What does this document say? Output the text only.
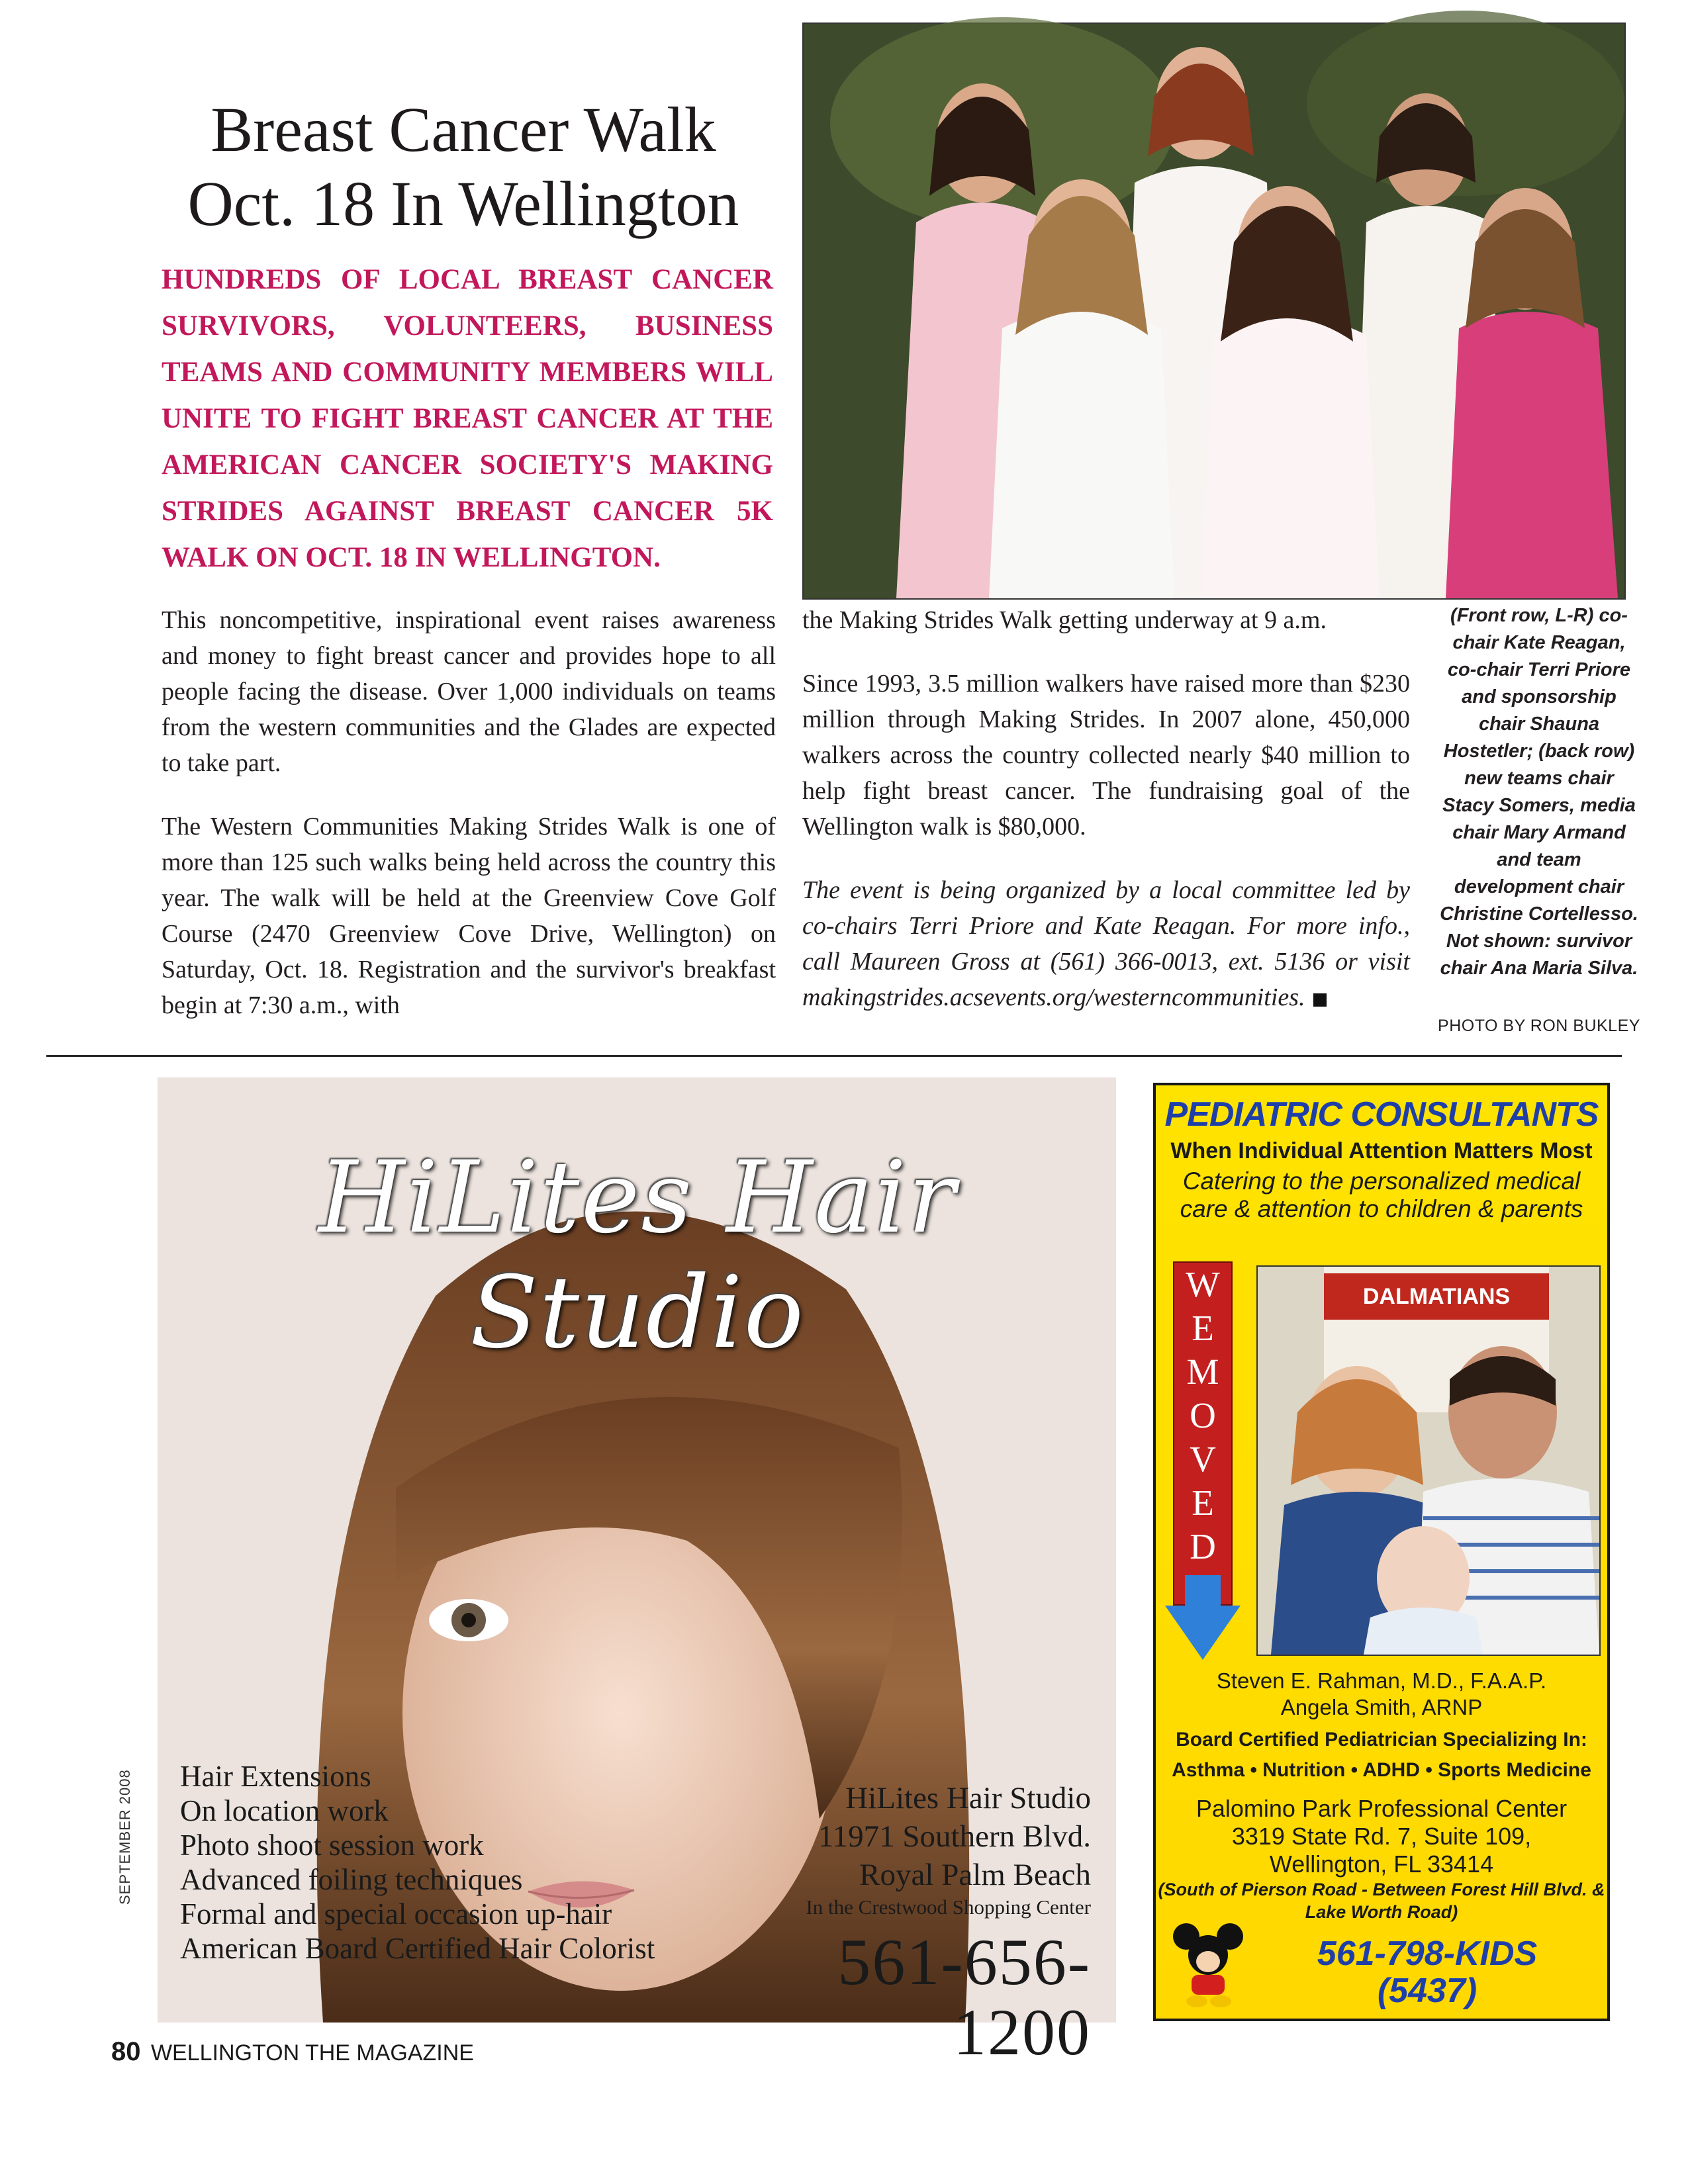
Breast Cancer Walk
Oct. 18 In Wellington
HUNDREDS OF LOCAL BREAST CANCER SURVIVORS, VOLUNTEERS, BUSINESS TEAMS AND COMMUNITY MEMBERS WILL UNITE TO FIGHT BREAST CANCER AT THE AMERICAN CANCER SOCIETY'S MAKING STRIDES AGAINST BREAST CANCER 5K WALK ON OCT. 18 IN WELLINGTON.

This noncompetitive, inspirational event raises awareness and money to fight breast cancer and provides hope to all people facing the disease. Over 1,000 individuals on teams from the western communities and the Glades are expected to take part.

The Western Communities Making Strides Walk is one of more than 125 such walks being held across the country this year. The walk will be held at the Greenview Cove Golf Course (2470 Greenview Cove Drive, Wellington) on Saturday, Oct. 18. Registration and the survivor's breakfast begin at 7:30 a.m., with

the Making Strides Walk getting underway at 9 a.m.

Since 1993, 3.5 million walkers have raised more than $230 million through Making Strides. In 2007 alone, 450,000 walkers across the country collected nearly $40 million to help fight breast cancer. The fundraising goal of the Wellington walk is $80,000.

The event is being organized by a local committee led by co-chairs Terri Priore and Kate Reagan. For more info., call Maureen Gross at (561) 366-0013, ext. 5136 or visit makingstrides.acsevents.org/westerncommunities.

(Front row, L-R) co-chair Kate Reagan, co-chair Terri Priore and sponsorship chair Shauna Hostetler; (back row) new teams chair Stacy Somers, media chair Mary Armand and team development chair Christine Cortellesso. Not shown: survivor chair Ana Maria Silva.
PHOTO BY RON BUKLEY
HiLites Hair Studio
Hair Extensions
On location work
Photo shoot session work
Advanced foiling techniques
Formal and special occasion up-hair
American Board Certified Hair Colorist
HiLites Hair Studio
11971 Southern Blvd.
Royal Palm Beach
In the Crestwood Shopping Center
561-656-1200
PEDIATRIC CONSULTANTS
When Individual Attention Matters Most
Catering to the personalized medical care & attention to children & parents
W
E
M
O
V
E
D
DALMATIANS
Steven E. Rahman, M.D., F.A.A.P.
Angela Smith, ARNP
Board Certified Pediatrician Specializing In:
Asthma • Nutrition • ADHD • Sports Medicine
Palomino Park Professional Center
3319 State Rd. 7, Suite 109,
Wellington, FL 33414
(South of Pierson Road - Between Forest Hill Blvd. & Lake Worth Road)
561-798-KIDS
(5437)
SEPTEMBER 2008
80 WELLINGTON THE MAGAZINE
